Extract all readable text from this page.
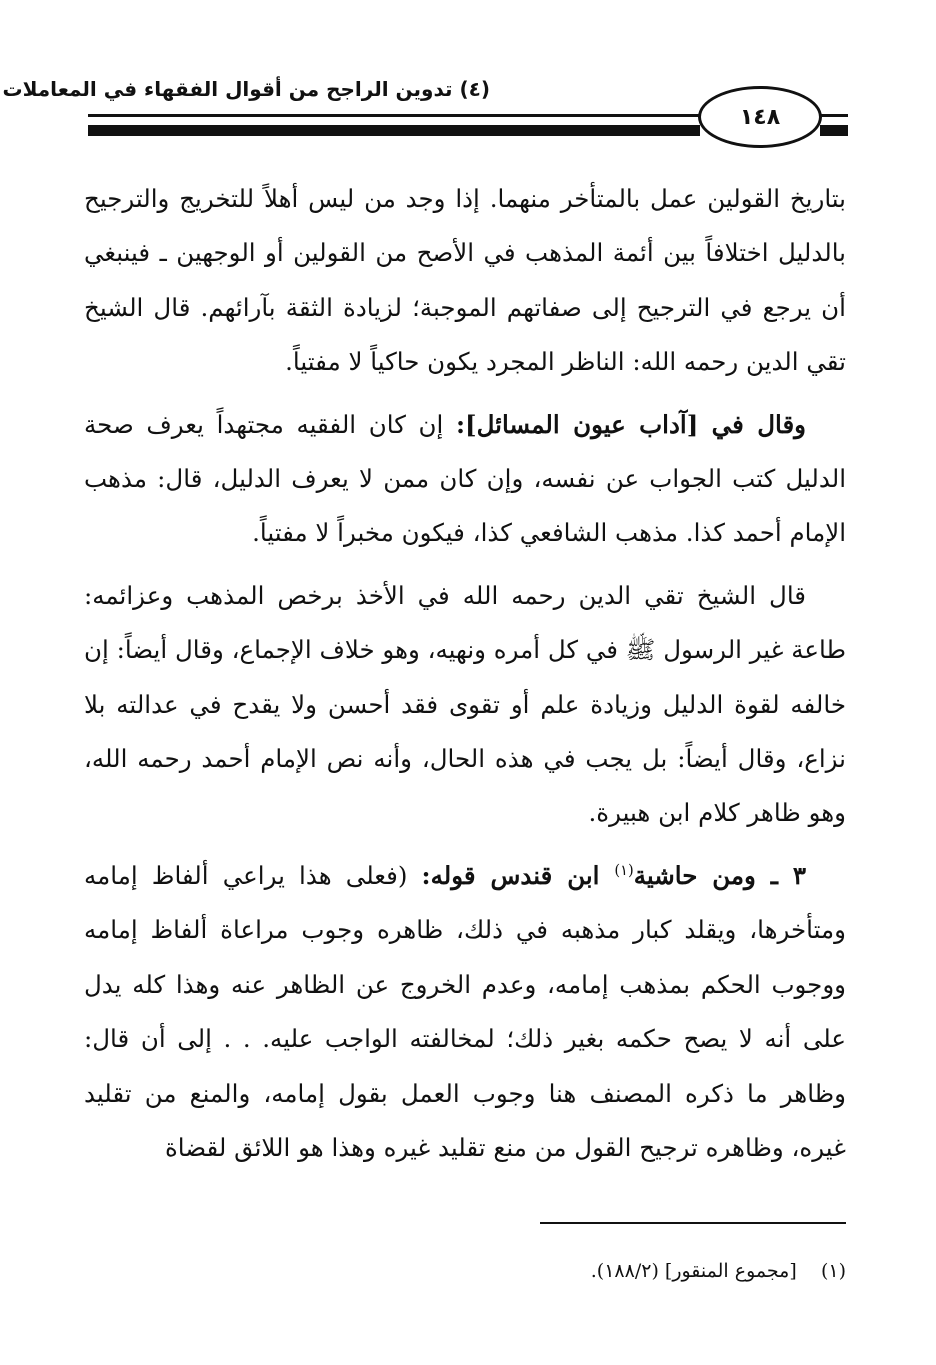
(٤) تدوين الراجح من أقوال الفقهاء في المعاملات
١٤٨

بتاريخ القولين عمل بالمتأخر منهما. إذا وجد من ليس أهلاً للتخريج والترجيح بالدليل اختلافاً بين أئمة المذهب في الأصح من القولين أو الوجهين ـ فينبغي أن يرجع في الترجيح إلى صفاتهم الموجبة؛ لزيادة الثقة بآرائهم. قال الشيخ تقي الدين رحمه الله: الناظر المجرد يكون حاكياً لا مفتياً.

وقال في [آداب عيون المسائل]: إن كان الفقيه مجتهداً يعرف صحة الدليل كتب الجواب عن نفسه، وإن كان ممن لا يعرف الدليل، قال: مذهب الإمام أحمد كذا. مذهب الشافعي كذا، فيكون مخبراً لا مفتياً.

قال الشيخ تقي الدين رحمه الله في الأخذ برخص المذهب وعزائمه: طاعة غير الرسول ﷺ في كل أمره ونهيه، وهو خلاف الإجماع، وقال أيضاً: إن خالفه لقوة الدليل وزيادة علم أو تقوى فقد أحسن ولا يقدح في عدالته بلا نزاع، وقال أيضاً: بل يجب في هذه الحال، وأنه نص الإمام أحمد رحمه الله، وهو ظاهر كلام ابن هبيرة.

٣ ـ ومن حاشية$^{(١)}$ ابن قندس قوله: (فعلى هذا يراعي ألفاظ إمامه ومتأخرها، ويقلد كبار مذهبه في ذلك، ظاهره وجوب مراعاة ألفاظ إمامه ووجوب الحكم بمذهب إمامه، وعدم الخروج عن الظاهر عنه وهذا كله يدل على أنه لا يصح حكمه بغير ذلك؛ لمخالفته الواجب عليه. . . إلى أن قال: وظاهر ما ذكره المصنف هنا وجوب العمل بقول إمامه، والمنع من تقليد غيره، وظاهره ترجيح القول من منع تقليد غيره وهذا هو اللائق لقضاة

(١)    [مجموع المنقور] (١٨٨/٢).
